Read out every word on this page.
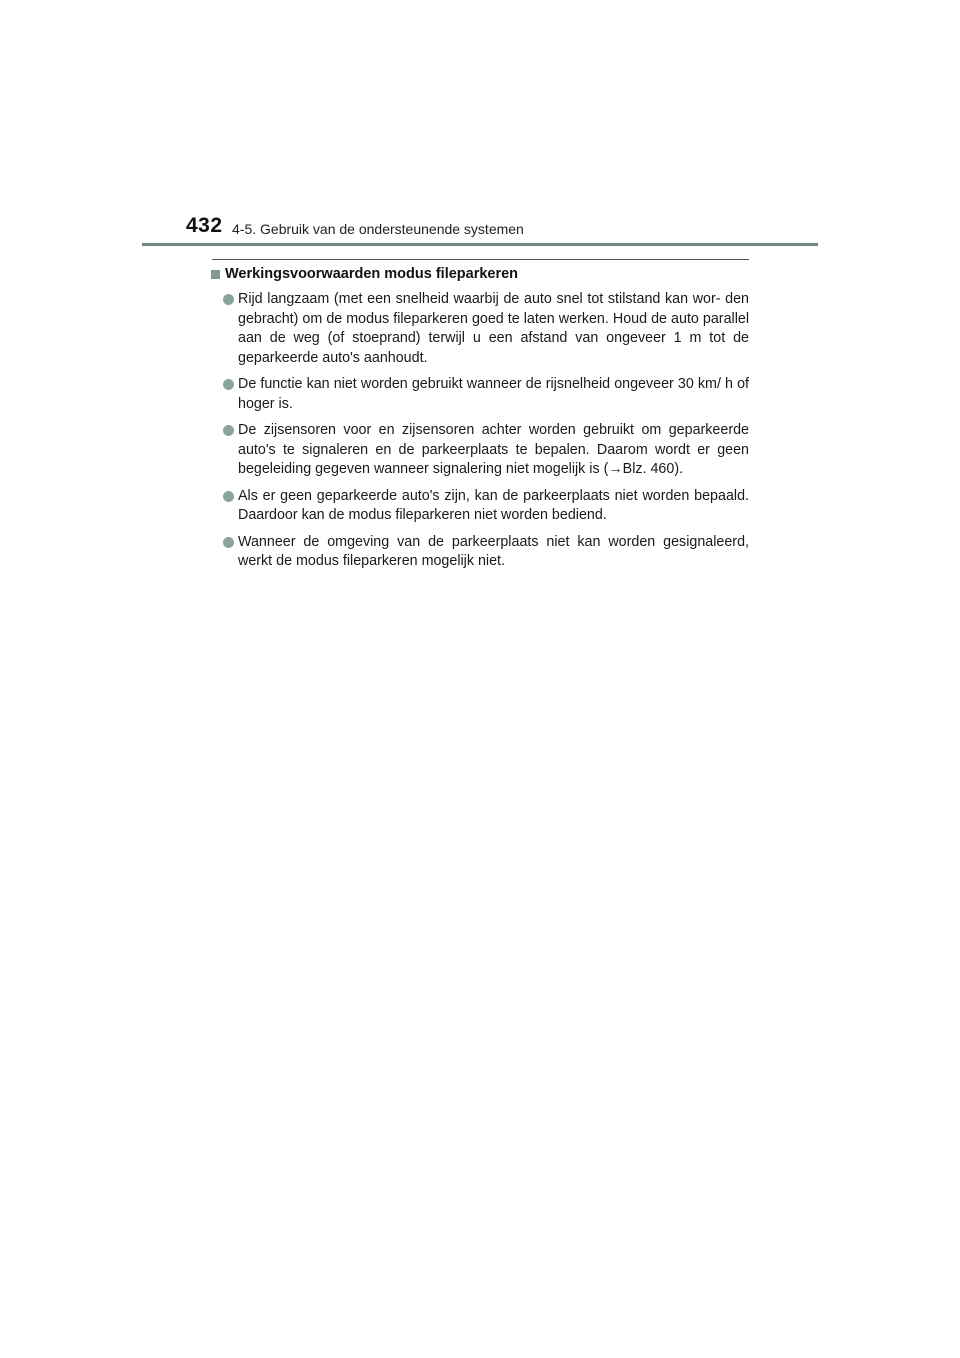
432 4-5. Gebruik van de ondersteunende systemen
Werkingsvoorwaarden modus fileparkeren
Rijd langzaam (met een snelheid waarbij de auto snel tot stilstand kan wor- den gebracht) om de modus fileparkeren goed te laten werken. Houd de auto parallel aan de weg (of stoeprand) terwijl u een afstand van ongeveer 1 m tot de geparkeerde auto's aanhoudt.
De functie kan niet worden gebruikt wanneer de rijsnelheid ongeveer 30 km/ h of hoger is.
De zijsensoren voor en zijsensoren achter worden gebruikt om geparkeerde auto's te signaleren en de parkeerplaats te bepalen. Daarom wordt er geen begeleiding gegeven wanneer signalering niet mogelijk is (→Blz. 460).
Als er geen geparkeerde auto's zijn, kan de parkeerplaats niet worden bepaald. Daardoor kan de modus fileparkeren niet worden bediend.
Wanneer de omgeving van de parkeerplaats niet kan worden gesignaleerd, werkt de modus fileparkeren mogelijk niet.
